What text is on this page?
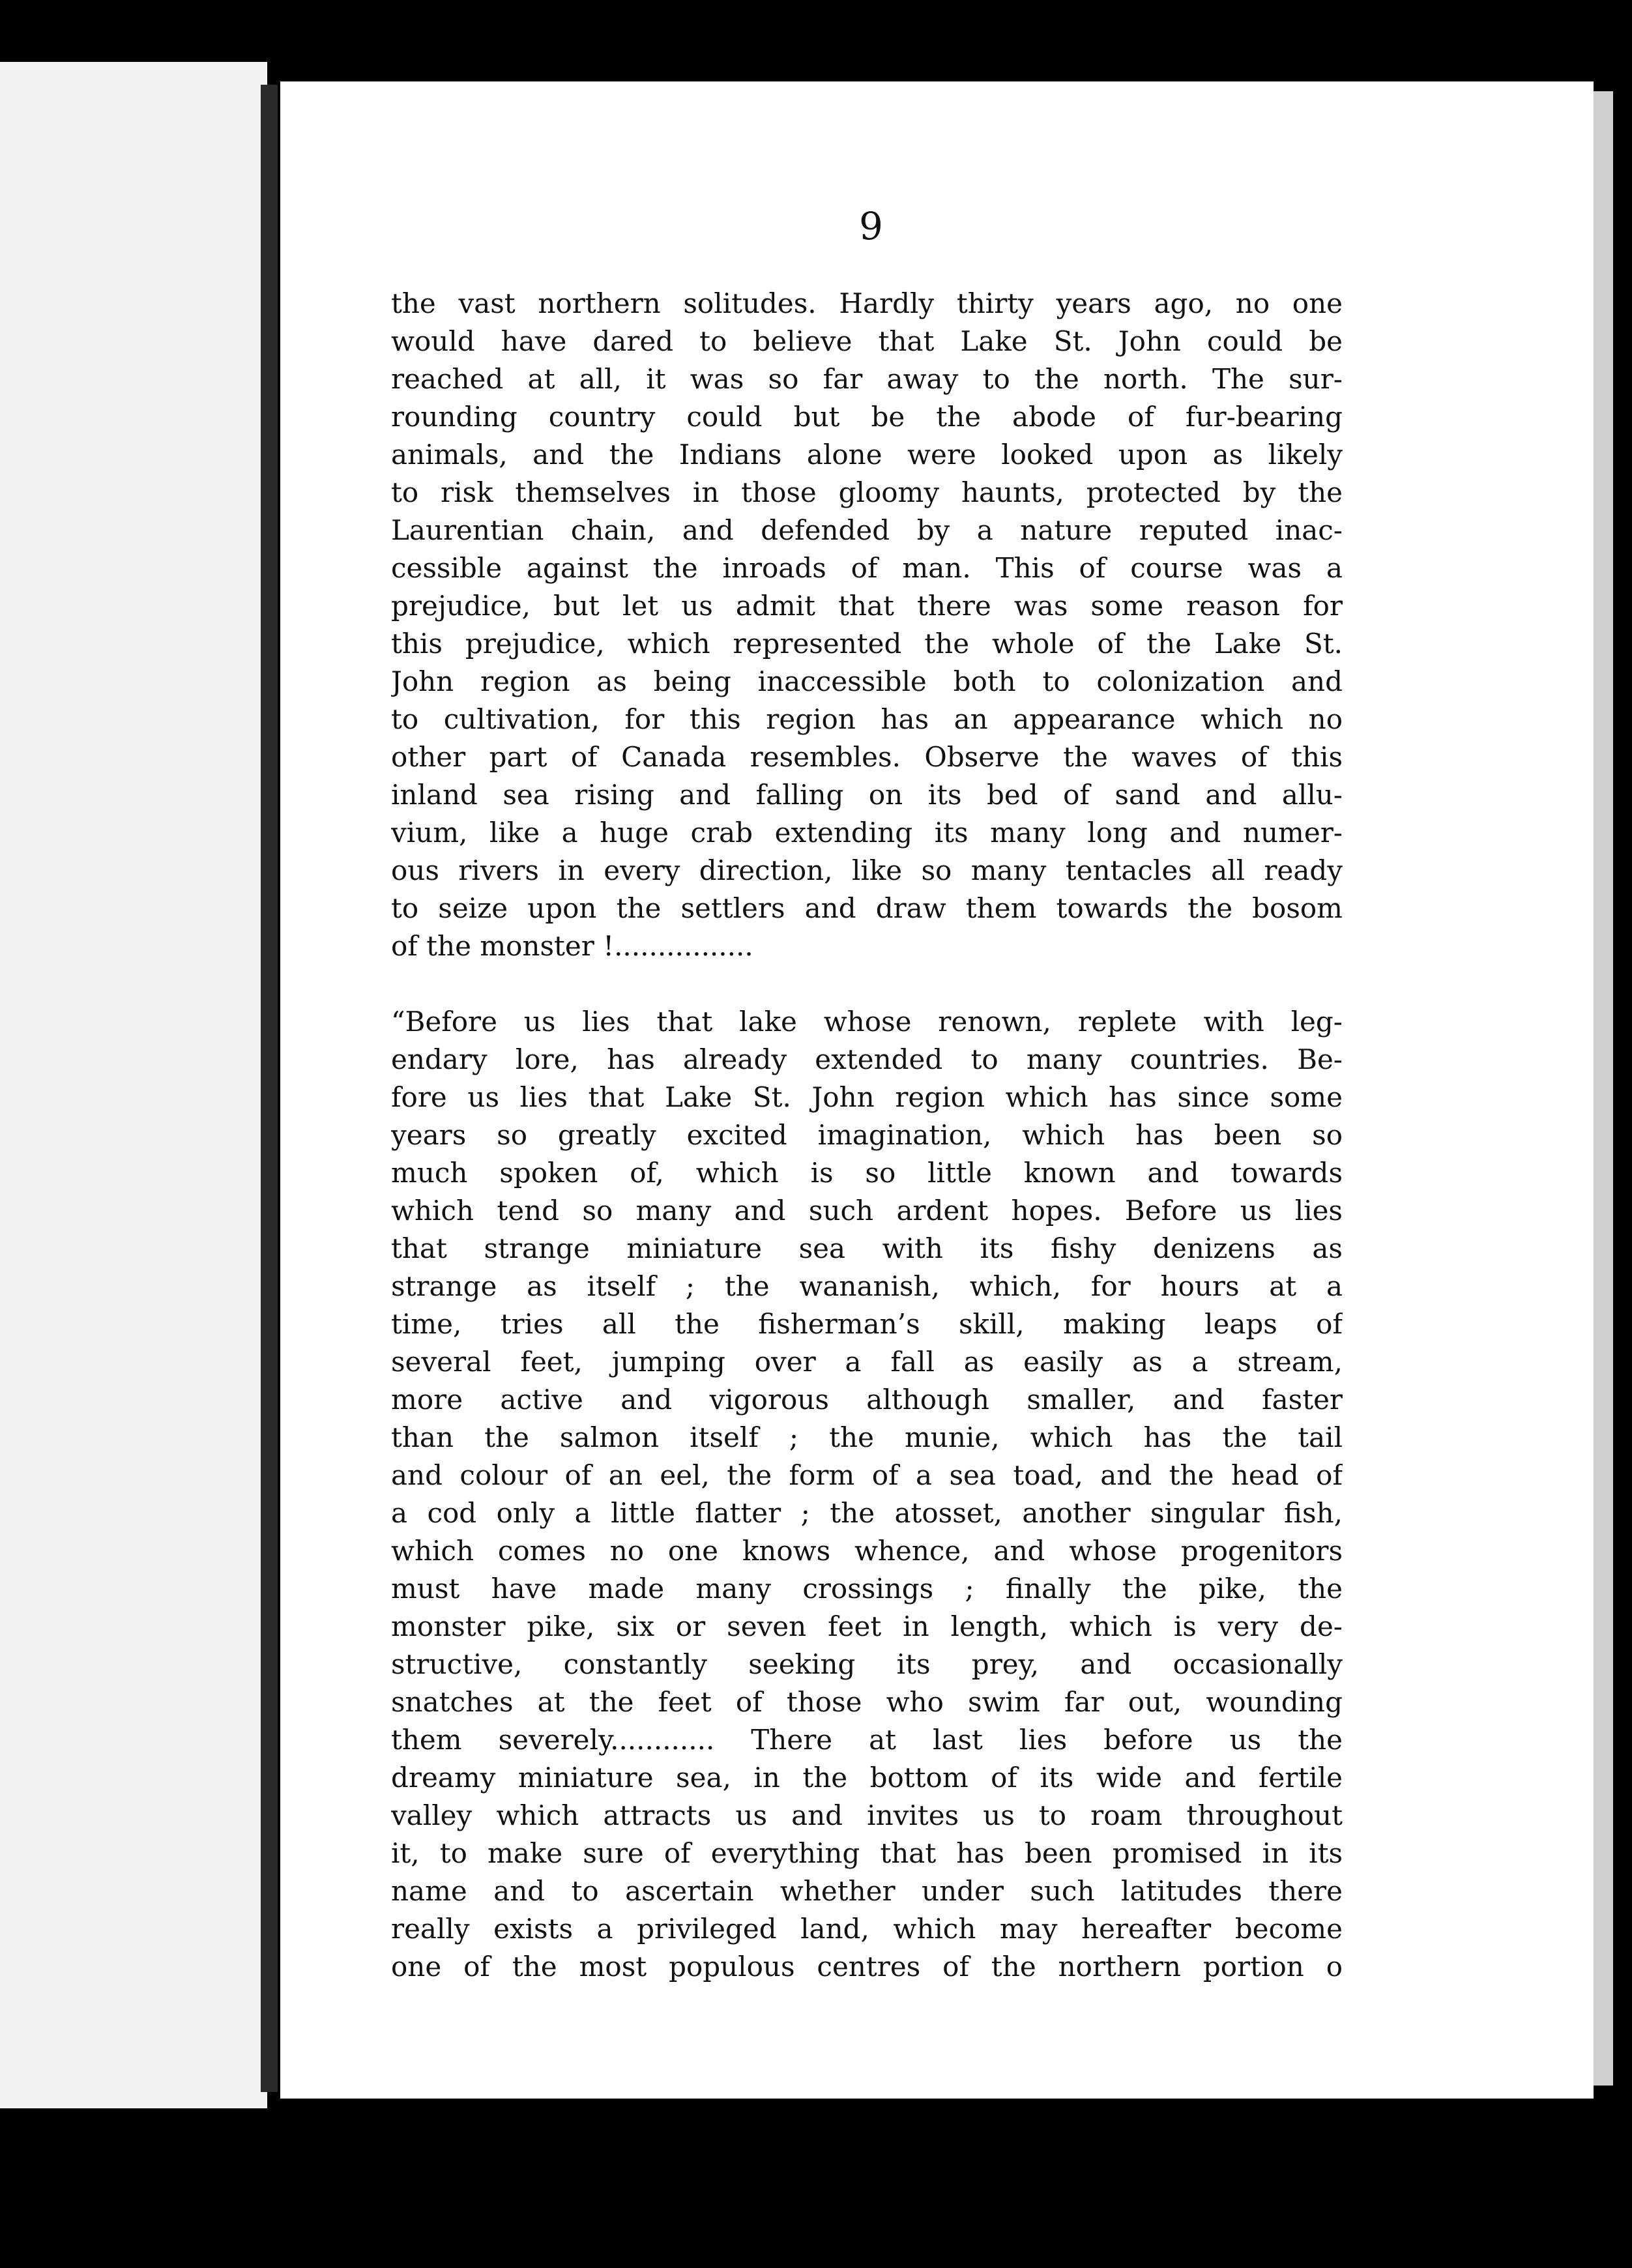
9
the vast northern solitudes. Hardly thirty years ago, no one
would have dared to believe that Lake St. John could be
reached at all, it was so far away to the north. The sur-
rounding country could but be the abode of fur-bearing
animals, and the Indians alone were looked upon as likely
to risk themselves in those gloomy haunts, protected by the
Laurentian chain, and defended by a nature reputed inac-
cessible against the inroads of man. This of course was a
prejudice, but let us admit that there was some reason for
this prejudice, which represented the whole of the Lake St.
John region as being inaccessible both to colonization and
to cultivation, for this region has an appearance which no
other part of Canada resembles. Observe the waves of this
inland sea rising and falling on its bed of sand and allu-
vium, like a huge crab extending its many long and numer-
ous rivers in every direction, like so many tentacles all ready
to seize upon the settlers and draw them towards the bosom
of the monster !................
“Before us lies that lake whose renown, replete with leg-
endary lore, has already extended to many countries. Be-
fore us lies that Lake St. John region which has since some
years so greatly excited imagination, which has been so
much spoken of, which is so little known and towards
which tend so many and such ardent hopes. Before us lies
that strange miniature sea with its fishy denizens as
strange as itself ; the wananish, which, for hours at a
time, tries all the fisherman’s skill, making leaps of
several feet, jumping over a fall as easily as a stream,
more active and vigorous although smaller, and faster
than the salmon itself ; the munie, which has the tail
and colour of an eel, the form of a sea toad, and the head of
a cod only a little flatter ; the atosset, another singular fish,
which comes no one knows whence, and whose progenitors
must have made many crossings ; finally the pike, the
monster pike, six or seven feet in length, which is very de-
structive, constantly seeking its prey, and occasionally
snatches at the feet of those who swim far out, wounding
them severely............ There at last lies before us the
dreamy miniature sea, in the bottom of its wide and fertile
valley which attracts us and invites us to roam throughout
it, to make sure of everything that has been promised in its
name and to ascertain whether under such latitudes there
really exists a privileged land, which may hereafter become
one of the most populous centres of the northern portion o
